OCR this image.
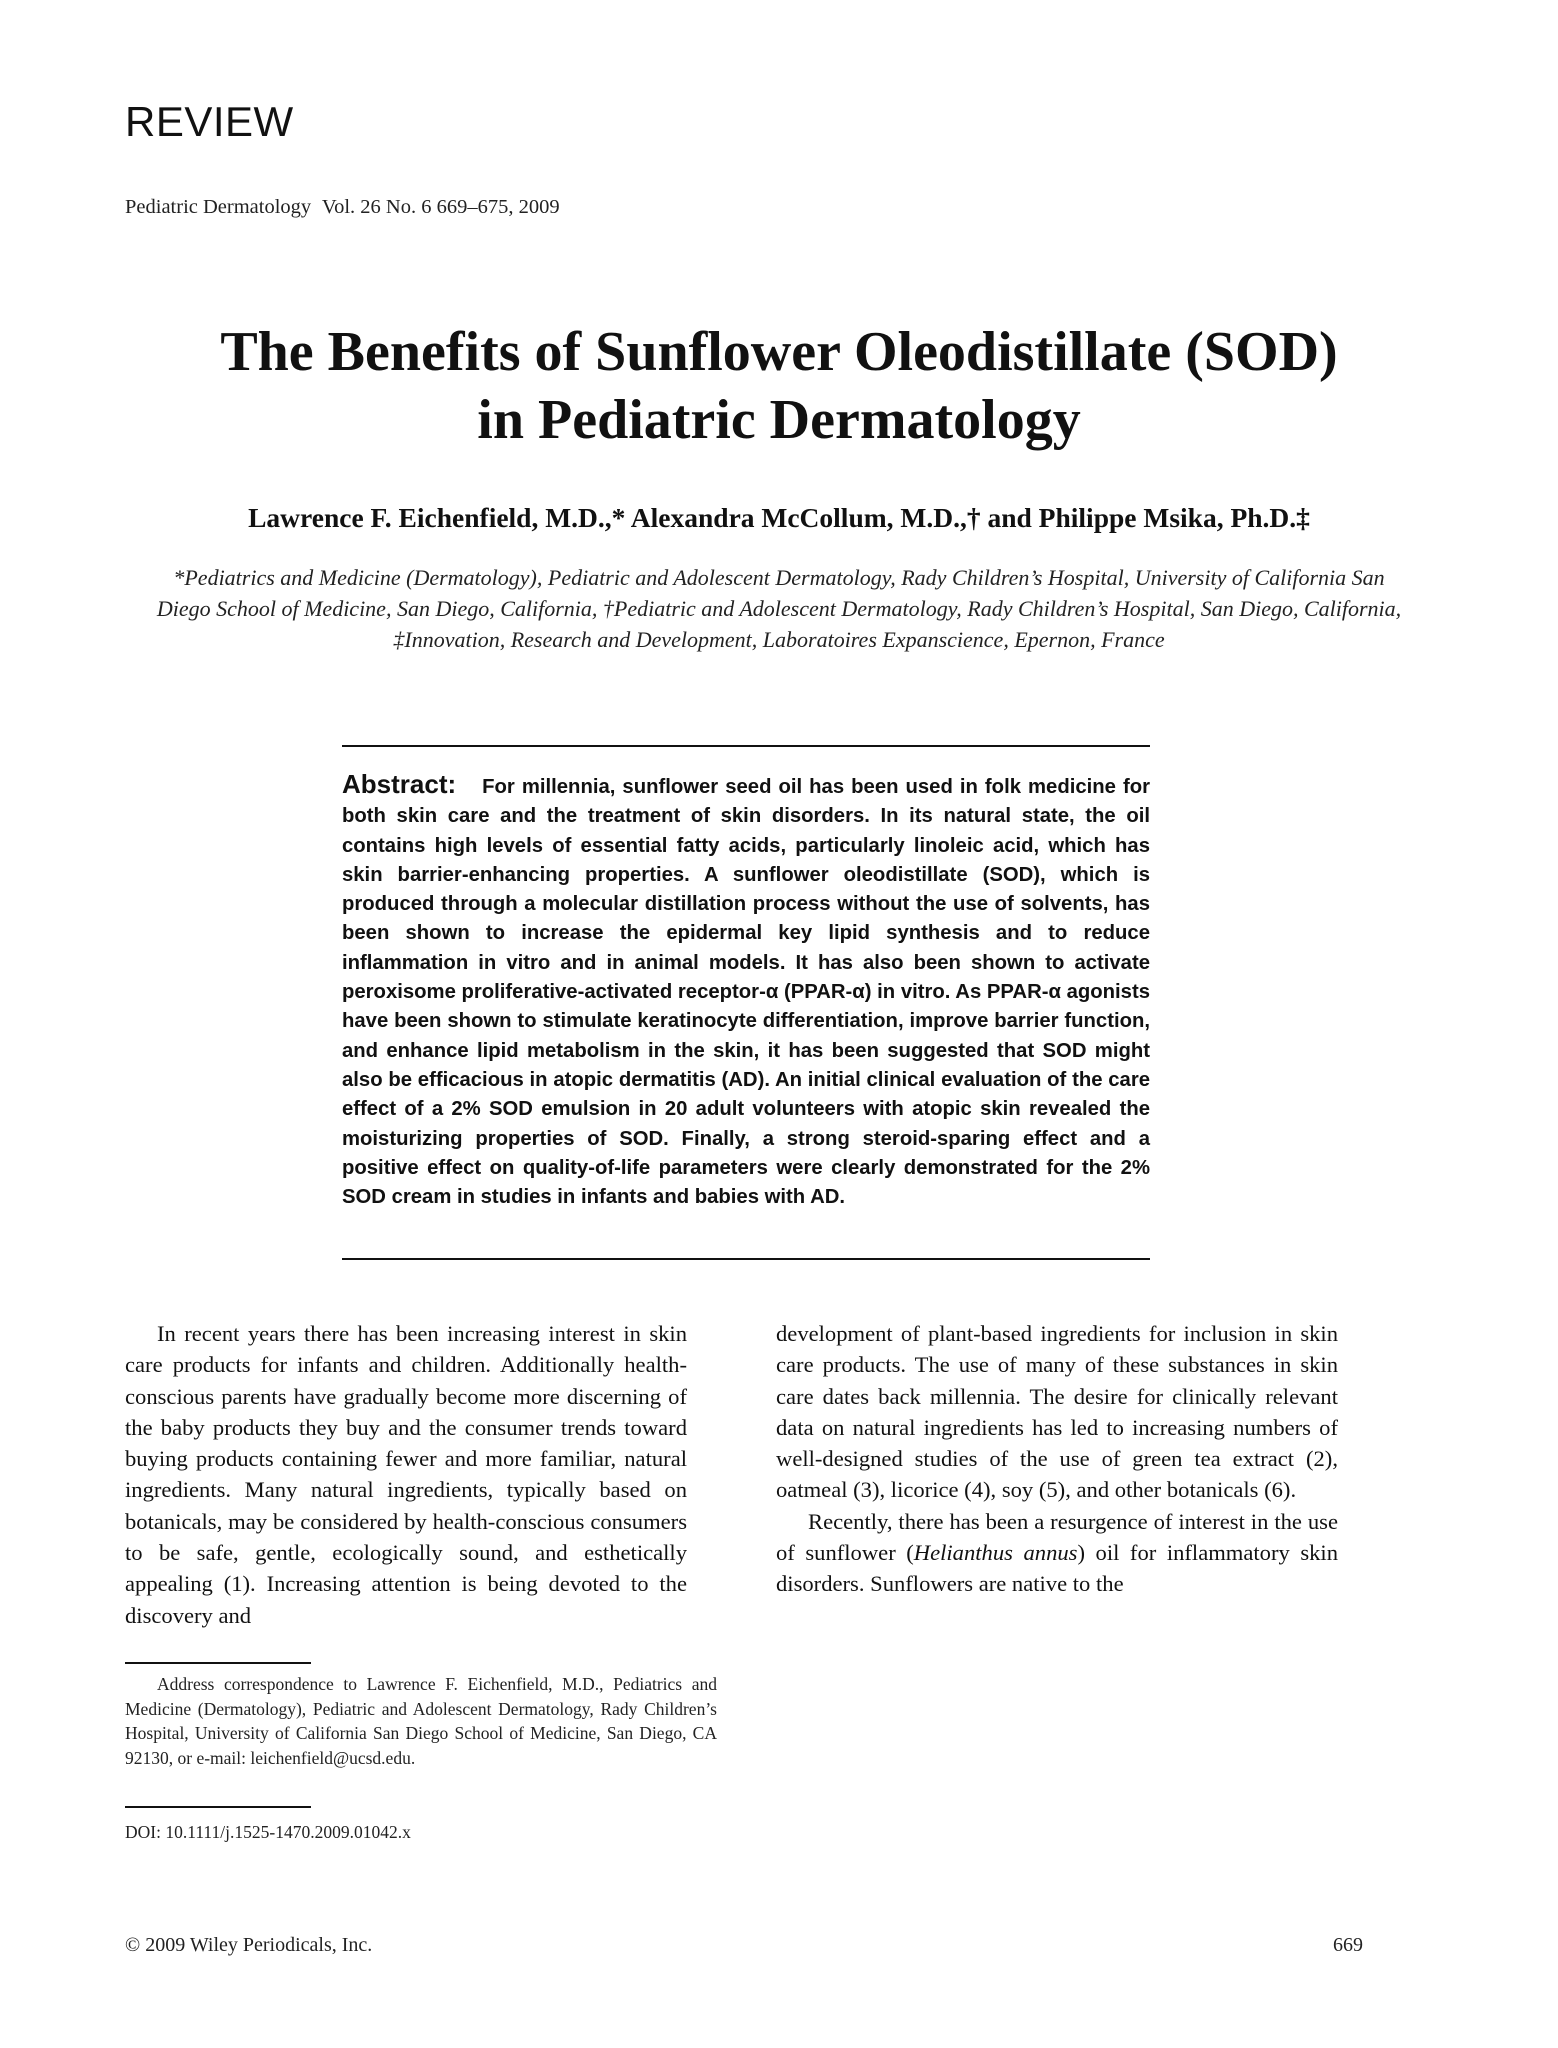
REVIEW
Pediatric Dermatology Vol. 26 No. 6 669–675, 2009
The Benefits of Sunflower Oleodistillate (SOD)
in Pediatric Dermatology
Lawrence F. Eichenfield, M.D.,* Alexandra McCollum, M.D.,† and Philippe Msika, Ph.D.‡
*Pediatrics and Medicine (Dermatology), Pediatric and Adolescent Dermatology, Rady Children’s Hospital, University of California San Diego School of Medicine, San Diego, California, †Pediatric and Adolescent Dermatology, Rady Children’s Hospital, San Diego, California, ‡Innovation, Research and Development, Laboratoires Expanscience, Epernon, France
Abstract: For millennia, sunflower seed oil has been used in folk medicine for both skin care and the treatment of skin disorders. In its natural state, the oil contains high levels of essential fatty acids, particularly linoleic acid, which has skin barrier-enhancing properties. A sunflower oleodistillate (SOD), which is produced through a molecular distillation process without the use of solvents, has been shown to increase the epidermal key lipid synthesis and to reduce inflammation in vitro and in animal models. It has also been shown to activate peroxisome proliferative-activated receptor-α (PPAR-α) in vitro. As PPAR-α agonists have been shown to stimulate keratinocyte differentiation, improve barrier function, and enhance lipid metabolism in the skin, it has been suggested that SOD might also be efficacious in atopic dermatitis (AD). An initial clinical evaluation of the care effect of a 2% SOD emulsion in 20 adult volunteers with atopic skin revealed the moisturizing properties of SOD. Finally, a strong steroid-sparing effect and a positive effect on quality-of-life parameters were clearly demonstrated for the 2% SOD cream in studies in infants and babies with AD.

In recent years there has been increasing interest in skin care products for infants and children. Additionally health-conscious parents have gradually become more discerning of the baby products they buy and the consumer trends toward buying products containing fewer and more familiar, natural ingredients. Many natural ingredients, typically based on botanicals, may be considered by health-conscious consumers to be safe, gentle, ecologically sound, and esthetically appealing (1). Increasing attention is being devoted to the discovery and

development of plant-based ingredients for inclusion in skin care products. The use of many of these substances in skin care dates back millennia. The desire for clinically relevant data on natural ingredients has led to increasing numbers of well-designed studies of the use of green tea extract (2), oatmeal (3), licorice (4), soy (5), and other botanicals (6).

Recently, there has been a resurgence of interest in the use of sunflower (Helianthus annus) oil for inflammatory skin disorders. Sunflowers are native to the

Address correspondence to Lawrence F. Eichenfield, M.D., Pediatrics and Medicine (Dermatology), Pediatric and Adolescent Dermatology, Rady Children’s Hospital, University of California San Diego School of Medicine, San Diego, CA 92130, or e-mail: leichenfield@ucsd.edu.

DOI: 10.1111/j.1525-1470.2009.01042.x
© 2009 Wiley Periodicals, Inc.	669
